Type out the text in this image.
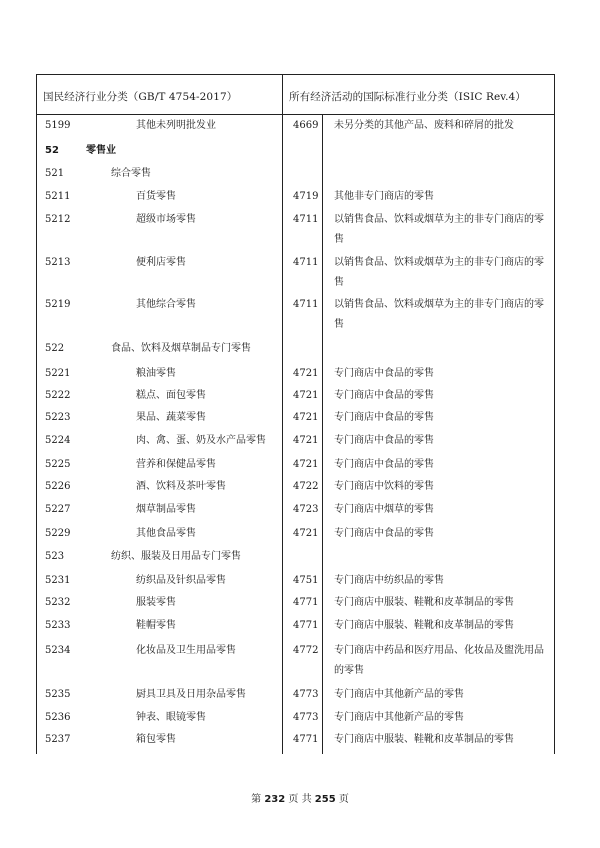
国民经济行业分类（GB/T 4754-2017）	所有经济活动的国际标准行业分类（ISIC Rev.4）
5199	其他未列明批发业	4669 未另分类的其他产品、废料和碎屑的批发
52	零售业
521	综合零售
5211	百货零售	4719 其他非专门商店的零售
5212	超级市场零售	4711 以销售食品、饮料或烟草为主的非专门商店的零售
5213	便利店零售	4711 以销售食品、饮料或烟草为主的非专门商店的零售
5219	其他综合零售	4711 以销售食品、饮料或烟草为主的非专门商店的零售
522	食品、饮料及烟草制品专门零售
5221	粮油零售	4721 专门商店中食品的零售
5222	糕点、面包零售	4721 专门商店中食品的零售
5223	果品、蔬菜零售	4721 专门商店中食品的零售
5224	肉、禽、蛋、奶及水产品零售	4721 专门商店中食品的零售
5225	营养和保健品零售	4721 专门商店中食品的零售
5226	酒、饮料及茶叶零售	4722 专门商店中饮料的零售
5227	烟草制品零售	4723 专门商店中烟草的零售
5229	其他食品零售	4721 专门商店中食品的零售
523	纺织、服装及日用品专门零售
5231	纺织品及针织品零售	4751 专门商店中纺织品的零售
5232	服装零售	4771 专门商店中服装、鞋靴和皮革制品的零售
5233	鞋帽零售	4771 专门商店中服装、鞋靴和皮革制品的零售
5234	化妆品及卫生用品零售	4772 专门商店中药品和医疗用品、化妆品及盥洗用品的零售
5235	厨具卫具及日用杂品零售	4773 专门商店中其他新产品的零售
5236	钟表、眼镜零售	4773 专门商店中其他新产品的零售
5237	箱包零售	4771 专门商店中服装、鞋靴和皮革制品的零售
第 232 页 共 255 页
